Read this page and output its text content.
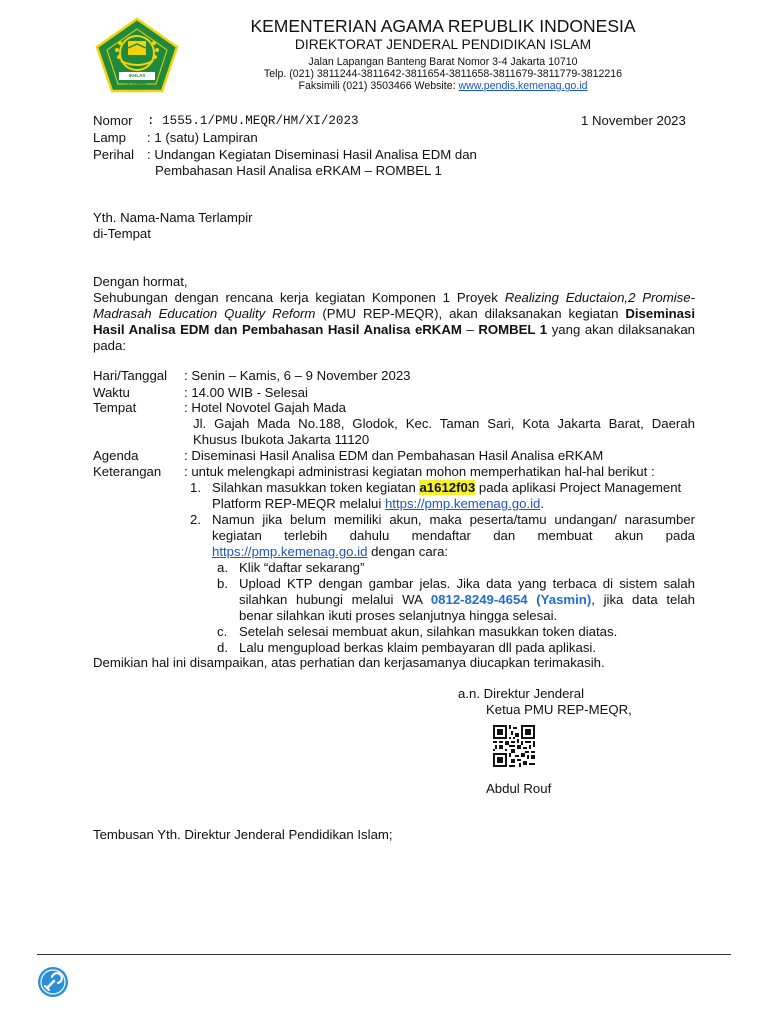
IKHLAS BERAMAL
KEMENTERIAN AGAMA REPUBLIK INDONESIA
DIREKTORAT JENDERAL PENDIDIKAN ISLAM
Jalan Lapangan Banteng Barat Nomor 3-4 Jakarta 10710
Telp. (021) 3811244-3811642-3811654-3811658-3811679-3811779-3812216
Faksimili (021) 3503466 Website: www.pendis.kemenag.go.id
Nomor : 1555.1/PMU.MEQR/HM/XI/2023	1 November 2023
Lamp : 1 (satu) Lampiran
Perihal : Undangan Kegiatan Diseminasi Hasil Analisa EDM dan
Pembahasan Hasil Analisa eRKAM – ROMBEL 1
Yth. Nama-Nama Terlampir
di-Tempat
Dengan hormat,
Sehubungan dengan rencana kerja kegiatan Komponen 1 Proyek Realizing Eductaion,2 Promise-
Madrasah Education Quality Reform (PMU REP-MEQR), akan dilaksanakan kegiatan Diseminasi
Hasil Analisa EDM dan Pembahasan Hasil Analisa eRKAM – ROMBEL 1 yang akan dilaksanakan
pada:
Hari/Tanggal : Senin – Kamis, 6 – 9 November 2023
Waktu	: 14.00 WIB - Selesai
Tempat	: Hotel Novotel Gajah Mada
Jl. Gajah Mada No.188, Glodok, Kec. Taman Sari, Kota Jakarta Barat, Daerah
Khusus Ibukota Jakarta 11120
Agenda	: Diseminasi Hasil Analisa EDM dan Pembahasan Hasil Analisa eRKAM
Keterangan : untuk melengkapi administrasi kegiatan mohon memperhatikan hal-hal berikut :
1. Silahkan masukkan token kegiatan a1612f03 pada aplikasi Project Management
Platform REP-MEQR melalui https://pmp.kemenag.go.id.
2. Namun jika belum memiliki akun, maka peserta/tamu undangan/ narasumber
kegiatan terlebih dahulu mendaftar dan membuat akun pada
https://pmp.kemenag.go.id dengan cara:
a. Klik “daftar sekarang”
b. Upload KTP dengan gambar jelas. Jika data yang terbaca di sistem salah
silahkan hubungi melalui WA 0812-8249-4654 (Yasmin), jika data telah
benar silahkan ikuti proses selanjutnya hingga selesai.
c. Setelah selesai membuat akun, silahkan masukkan token diatas.
d. Lalu mengupload berkas klaim pembayaran dll pada aplikasi.
Demikian hal ini disampaikan, atas perhatian dan kerjasamanya diucapkan terimakasih.
a.n. Direktur Jenderal
Ketua PMU REP-MEQR,
Abdul Rouf
Tembusan Yth. Direktur Jenderal Pendidikan Islam;
